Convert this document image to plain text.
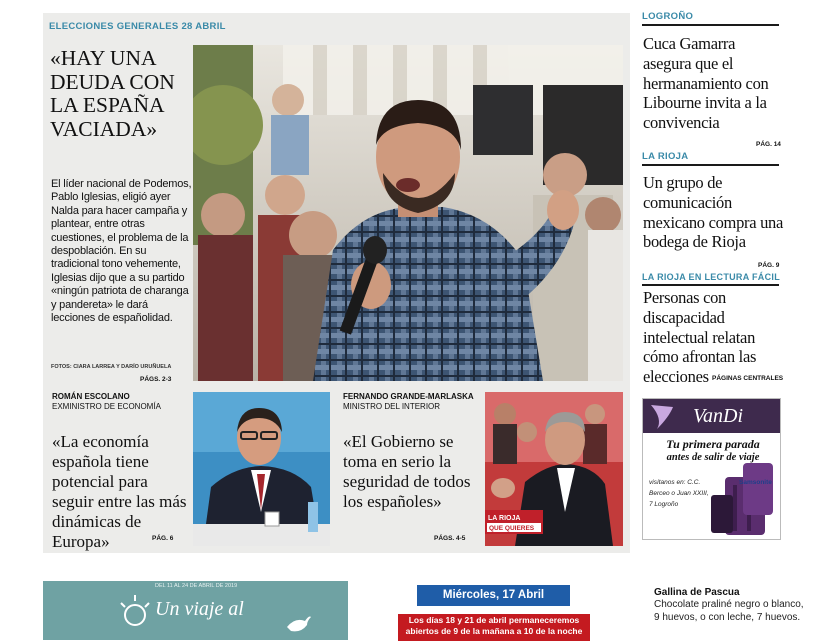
ELECCIONES GENERALES 28 ABRIL
«HAY UNA DEUDA CON LA ESPAÑA VACIADA»
El líder nacional de Podemos, Pablo Iglesias, eligió ayer Nalda para hacer campaña y plantear, entre otras cuestiones, el problema de la despoblación. En su tradicional tono vehemente, Iglesias dijo que a su partido «ningún patriota de charanga y pandereta» le dará lecciones de españolidad.
FOTOS: CIARA LARREA Y DARÍO URUÑUELA
PÁGS. 2-3
ROMÁN ESCOLANO
EXMINISTRO DE ECONOMÍA
«La economía española tiene potencial para seguir entre las más dinámicas de Europa»	PÁG. 6
FERNANDO GRANDE-MARLASKA
MINISTRO DEL INTERIOR
«El Gobierno se toma en serio la seguridad de todos los españoles»
PÁGS. 4-5
LA RIOJA
QUE QUIERES
LOGROÑO
Cuca Gamarra asegura que el hermanamiento con Libourne invita a la convivencia
PÁG. 14
LA RIOJA
Un grupo de comunicación mexicano compra una bodega de Rioja
PÁG. 9
LA RIOJA EN LECTURA FÁCIL
Personas con discapacidad intelectual relatan cómo afrontan las elecciones PÁGINAS CENTRALES
VanDi
Tu primera parada
antes de salir de viaje
visítanos en: C.C. Berceo o Juan XXIII, 7 Logroño
Samsonite
DEL 11 AL 24 DE ABRIL DE 2019
Un viaje al
Miércoles, 17 Abril
Los días 18 y 21 de abril permaneceremos abiertos de 9 de la mañana a 10 de la noche
Gallina de Pascua
Chocolate praliné negro o blanco, 9 huevos, o con leche, 7 huevos.
